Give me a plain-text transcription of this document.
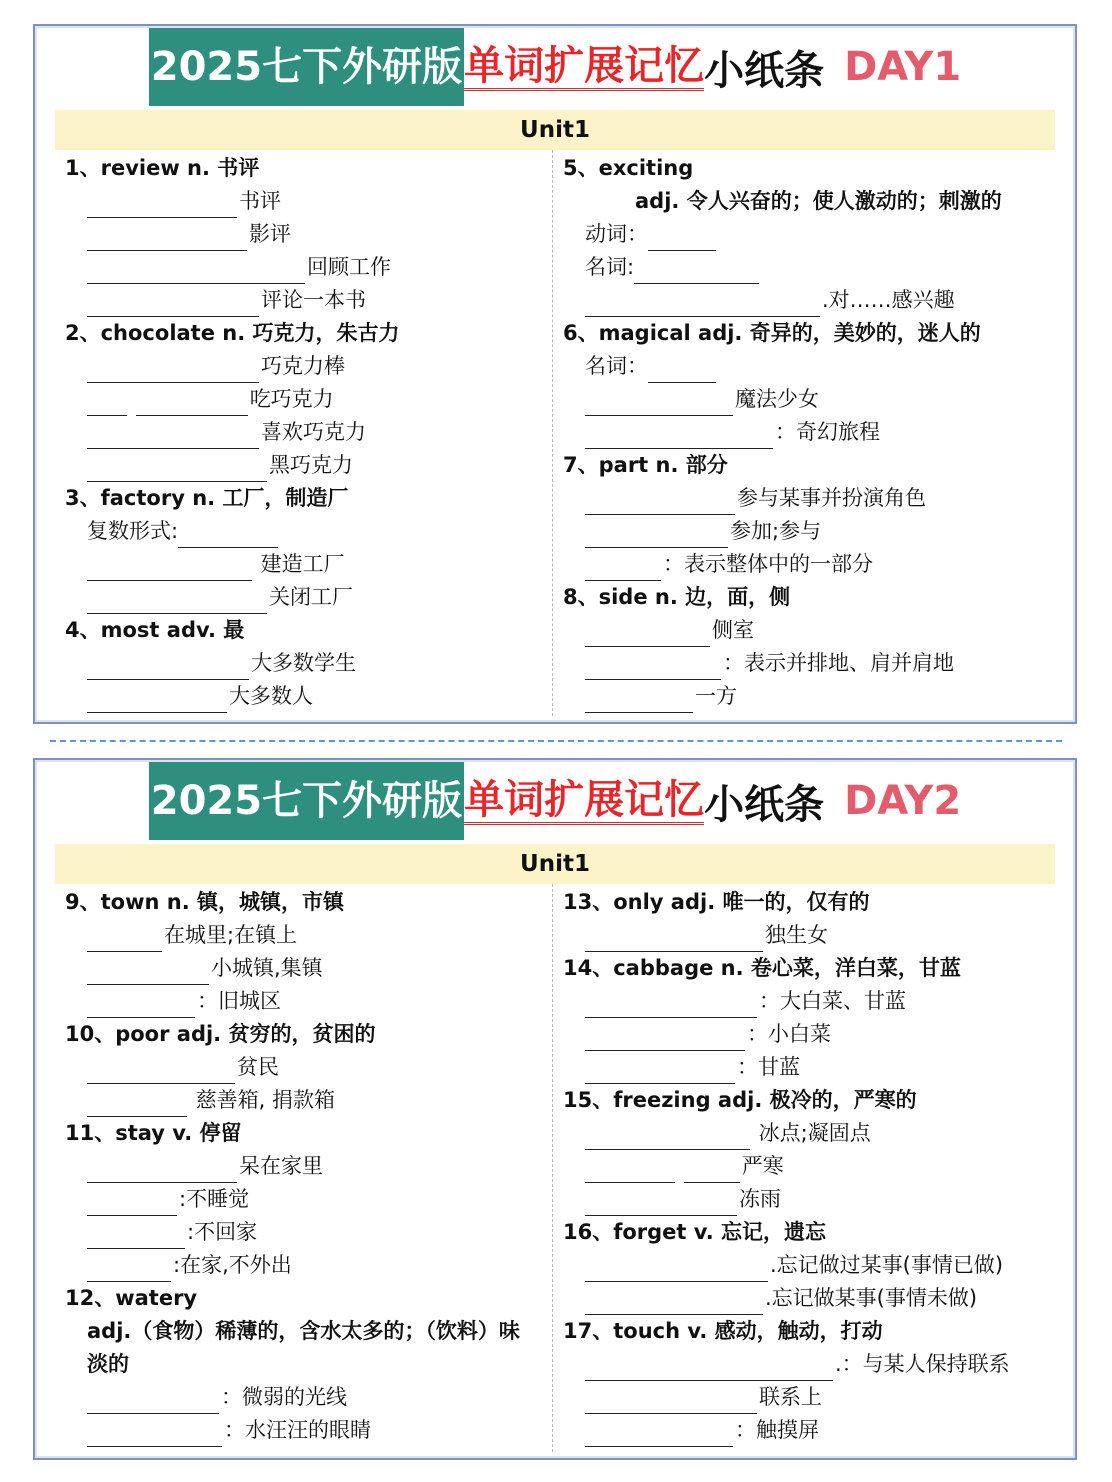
2025七下外研版 单词扩展记忆 小纸条 DAY1
Unit1
1、review n. 书评
书评
影评
回顾工作
评论一本书
2、chocolate n. 巧克力，朱古力
巧克力棒
吃巧克力
喜欢巧克力
黑巧克力
3、factory n. 工厂，制造厂
复数形式:
建造工厂
关闭工厂
4、most adv. 最
大多数学生
大多数人
5、exciting
adj. 令人兴奋的；使人激动的；刺激的
动词：
名词:
.对……感兴趣
6、magical adj. 奇异的，美妙的，迷人的
名词：
魔法少女
：奇幻旅程
7、part n. 部分
参与某事并扮演角色
参加;参与
：表示整体中的一部分
8、side n. 边，面，侧
侧室
：表示并排地、肩并肩地
一方
2025七下外研版 单词扩展记忆 小纸条 DAY2
Unit1
9、town n. 镇，城镇，市镇
在城里;在镇上
小城镇,集镇
：旧城区
10、poor adj. 贫穷的，贫困的
贫民
慈善箱, 捐款箱
11、stay v. 停留
呆在家里
:不睡觉
:不回家
:在家,不外出
12、watery
adj.（食物）稀薄的，含水太多的；（饮料）味
淡的
：微弱的光线
：水汪汪的眼睛
13、only adj. 唯一的，仅有的
独生女
14、cabbage n. 卷心菜，洋白菜，甘蓝
：大白菜、甘蓝
：小白菜
：甘蓝
15、freezing adj. 极冷的，严寒的
冰点;凝固点
严寒
冻雨
16、forget v. 忘记，遗忘
.忘记做过某事(事情已做)
.忘记做某事(事情未做)
17、touch v. 感动，触动，打动
.：与某人保持联系
联系上
：触摸屏
